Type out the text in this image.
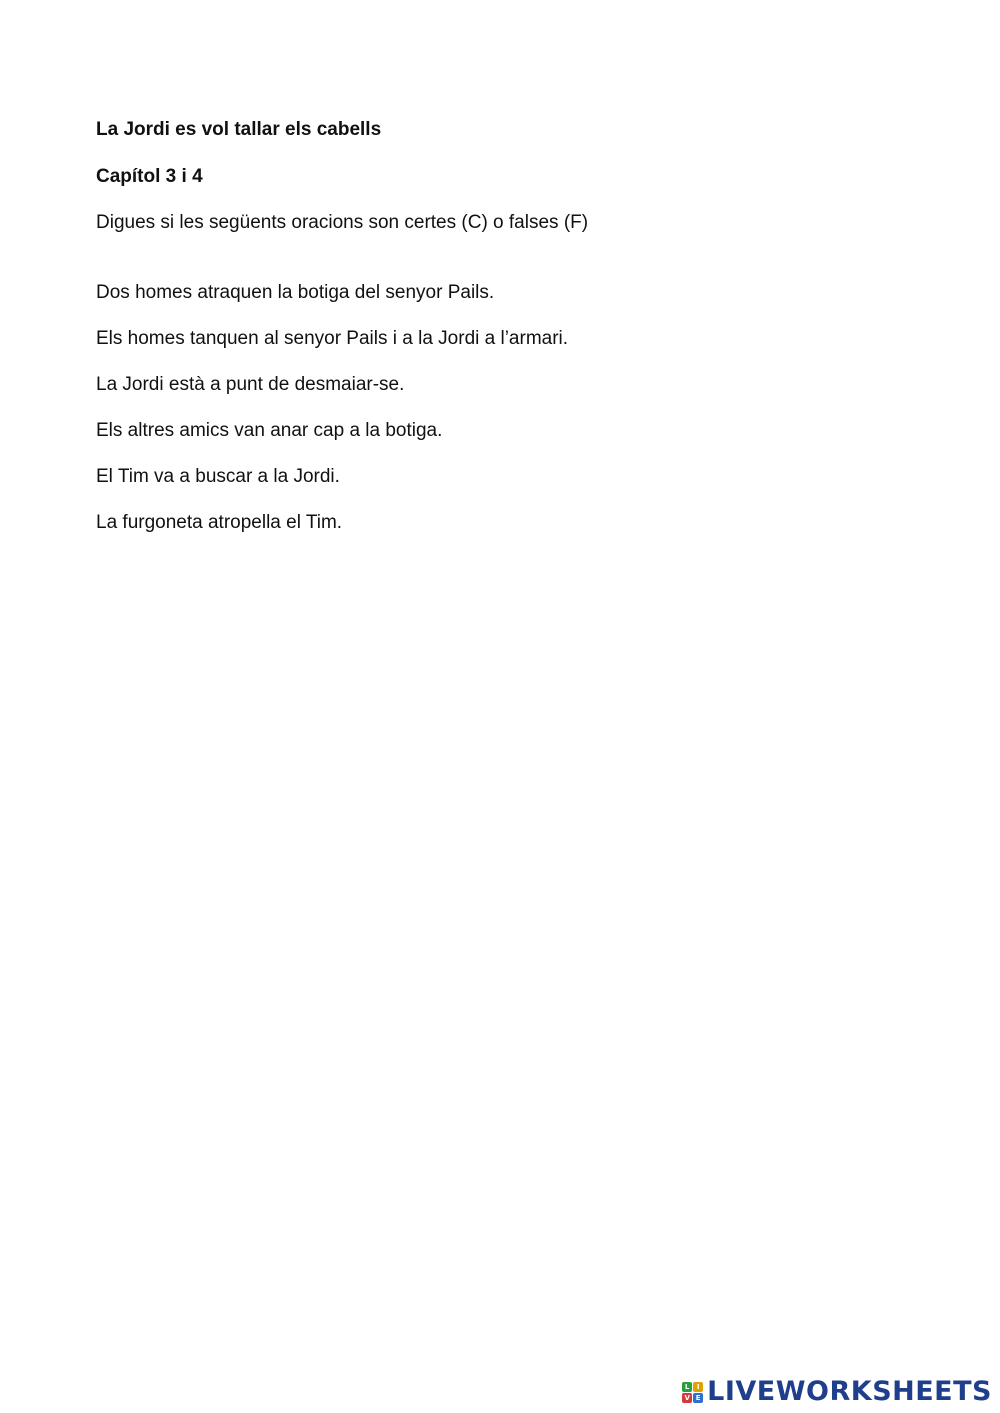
La Jordi es vol tallar els cabells
Capítol 3 i 4

Digues si les següents oracions son certes (C) o falses (F)

Dos homes atraquen la botiga del senyor Pails.
Els homes tanquen al senyor Pails i a la Jordi a l’armari.
La Jordi està a punt de desmaiar-se.
Els altres amics van anar cap a la botiga.
El Tim va a buscar a la Jordi.
La furgoneta atropella el Tim.
L	I
V E LIVEWORKSHEETS
